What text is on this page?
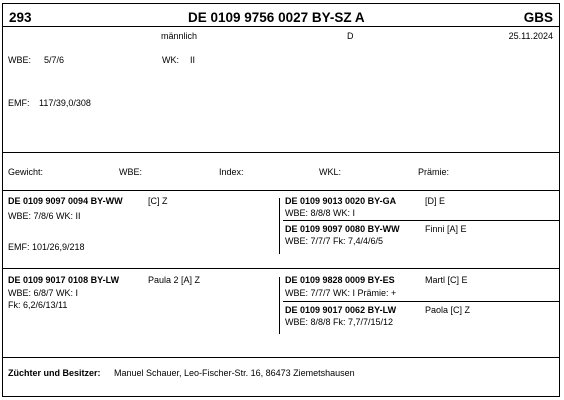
293	DE 0109 9756 0027 BY-SZ A	GBS
männlich	D	25.11.2024
WBE: 5/7/6	WK: II
EMF: 117/39,0/308
Gewicht:	WBE:	Index:	WKL:	Prämie:
DE 0109 9097 0094 BY-WW	[C] Z
WBE: 7/8/6 WK: II
EMF: 101/26,9/218
DE 0109 9013 0020 BY-GA	[D] E
WBE: 8/8/8 WK: I
DE 0109 9097 0080 BY-WW	Finni [A] E
WBE: 7/7/7 Fk: 7,4/4/6/5
DE 0109 9017 0108 BY-LW	Paula 2 [A] Z
WBE: 6/8/7 WK: I
Fk: 6,2/6/13/11
DE 0109 9828 0009 BY-ES	Martl [C] E
WBE: 7/7/7 WK: I Prämie: +
DE 0109 9017 0062 BY-LW	Paola [C] Z
WBE: 8/8/8 Fk: 7,7/7/15/12
Züchter und Besitzer: Manuel Schauer, Leo-Fischer-Str. 16, 86473 Ziemetshausen
